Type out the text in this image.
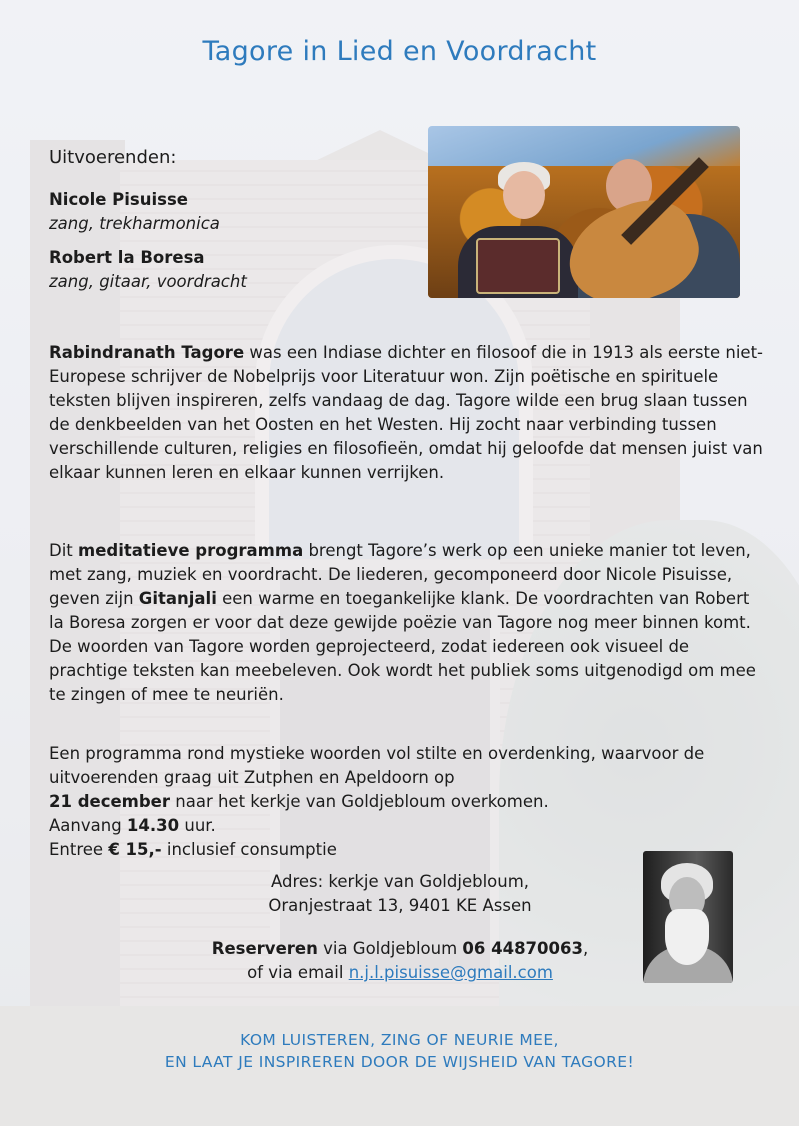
Tagore in Lied en Voordracht
Uitvoerenden:
Nicole Pisuisse
zang, trekharmonica
Robert la Boresa
zang, gitaar, voordracht

Rabindranath Tagore was een Indiase dichter en filosoof die in 1913 als eerste niet-Europese schrijver de Nobelprijs voor Literatuur won. Zijn poëtische en spirituele teksten blijven inspireren, zelfs vandaag de dag. Tagore wilde een brug slaan tussen de denkbeelden van het Oosten en het Westen. Hij zocht naar verbinding tussen verschillende culturen, religies en filosofieën, omdat hij geloofde dat mensen juist van elkaar kunnen leren en elkaar kunnen verrijken.

Dit meditatieve programma brengt Tagore’s werk op een unieke manier tot leven, met zang, muziek en voordracht. De liederen, gecomponeerd door Nicole Pisuisse, geven zijn Gitanjali een warme en toegankelijke klank. De voordrachten van Robert la Boresa zorgen er voor dat deze gewijde poëzie van Tagore nog meer binnen komt.
De woorden van Tagore worden geprojecteerd, zodat iedereen ook visueel de prachtige teksten kan meebeleven. Ook wordt het publiek soms uitgenodigd om mee te zingen of mee te neuriën.

Een programma rond mystieke woorden vol stilte en overdenking, waarvoor de uitvoerenden graag uit Zutphen en Apeldoorn op
21 december naar het kerkje van Goldjebloum overkomen.
Aanvang 14.30 uur.
Entree € 15,- inclusief consumptie

Adres: kerkje van Goldjebloum,
Oranjestraat 13, 9401 KE Assen
Reserveren via Goldjebloum 06 44870063,
of via email n.j.l.pisuisse@gmail.com
KOM LUISTEREN, ZING OF NEURIE MEE,
EN LAAT JE INSPIREREN DOOR DE WIJSHEID VAN TAGORE!
